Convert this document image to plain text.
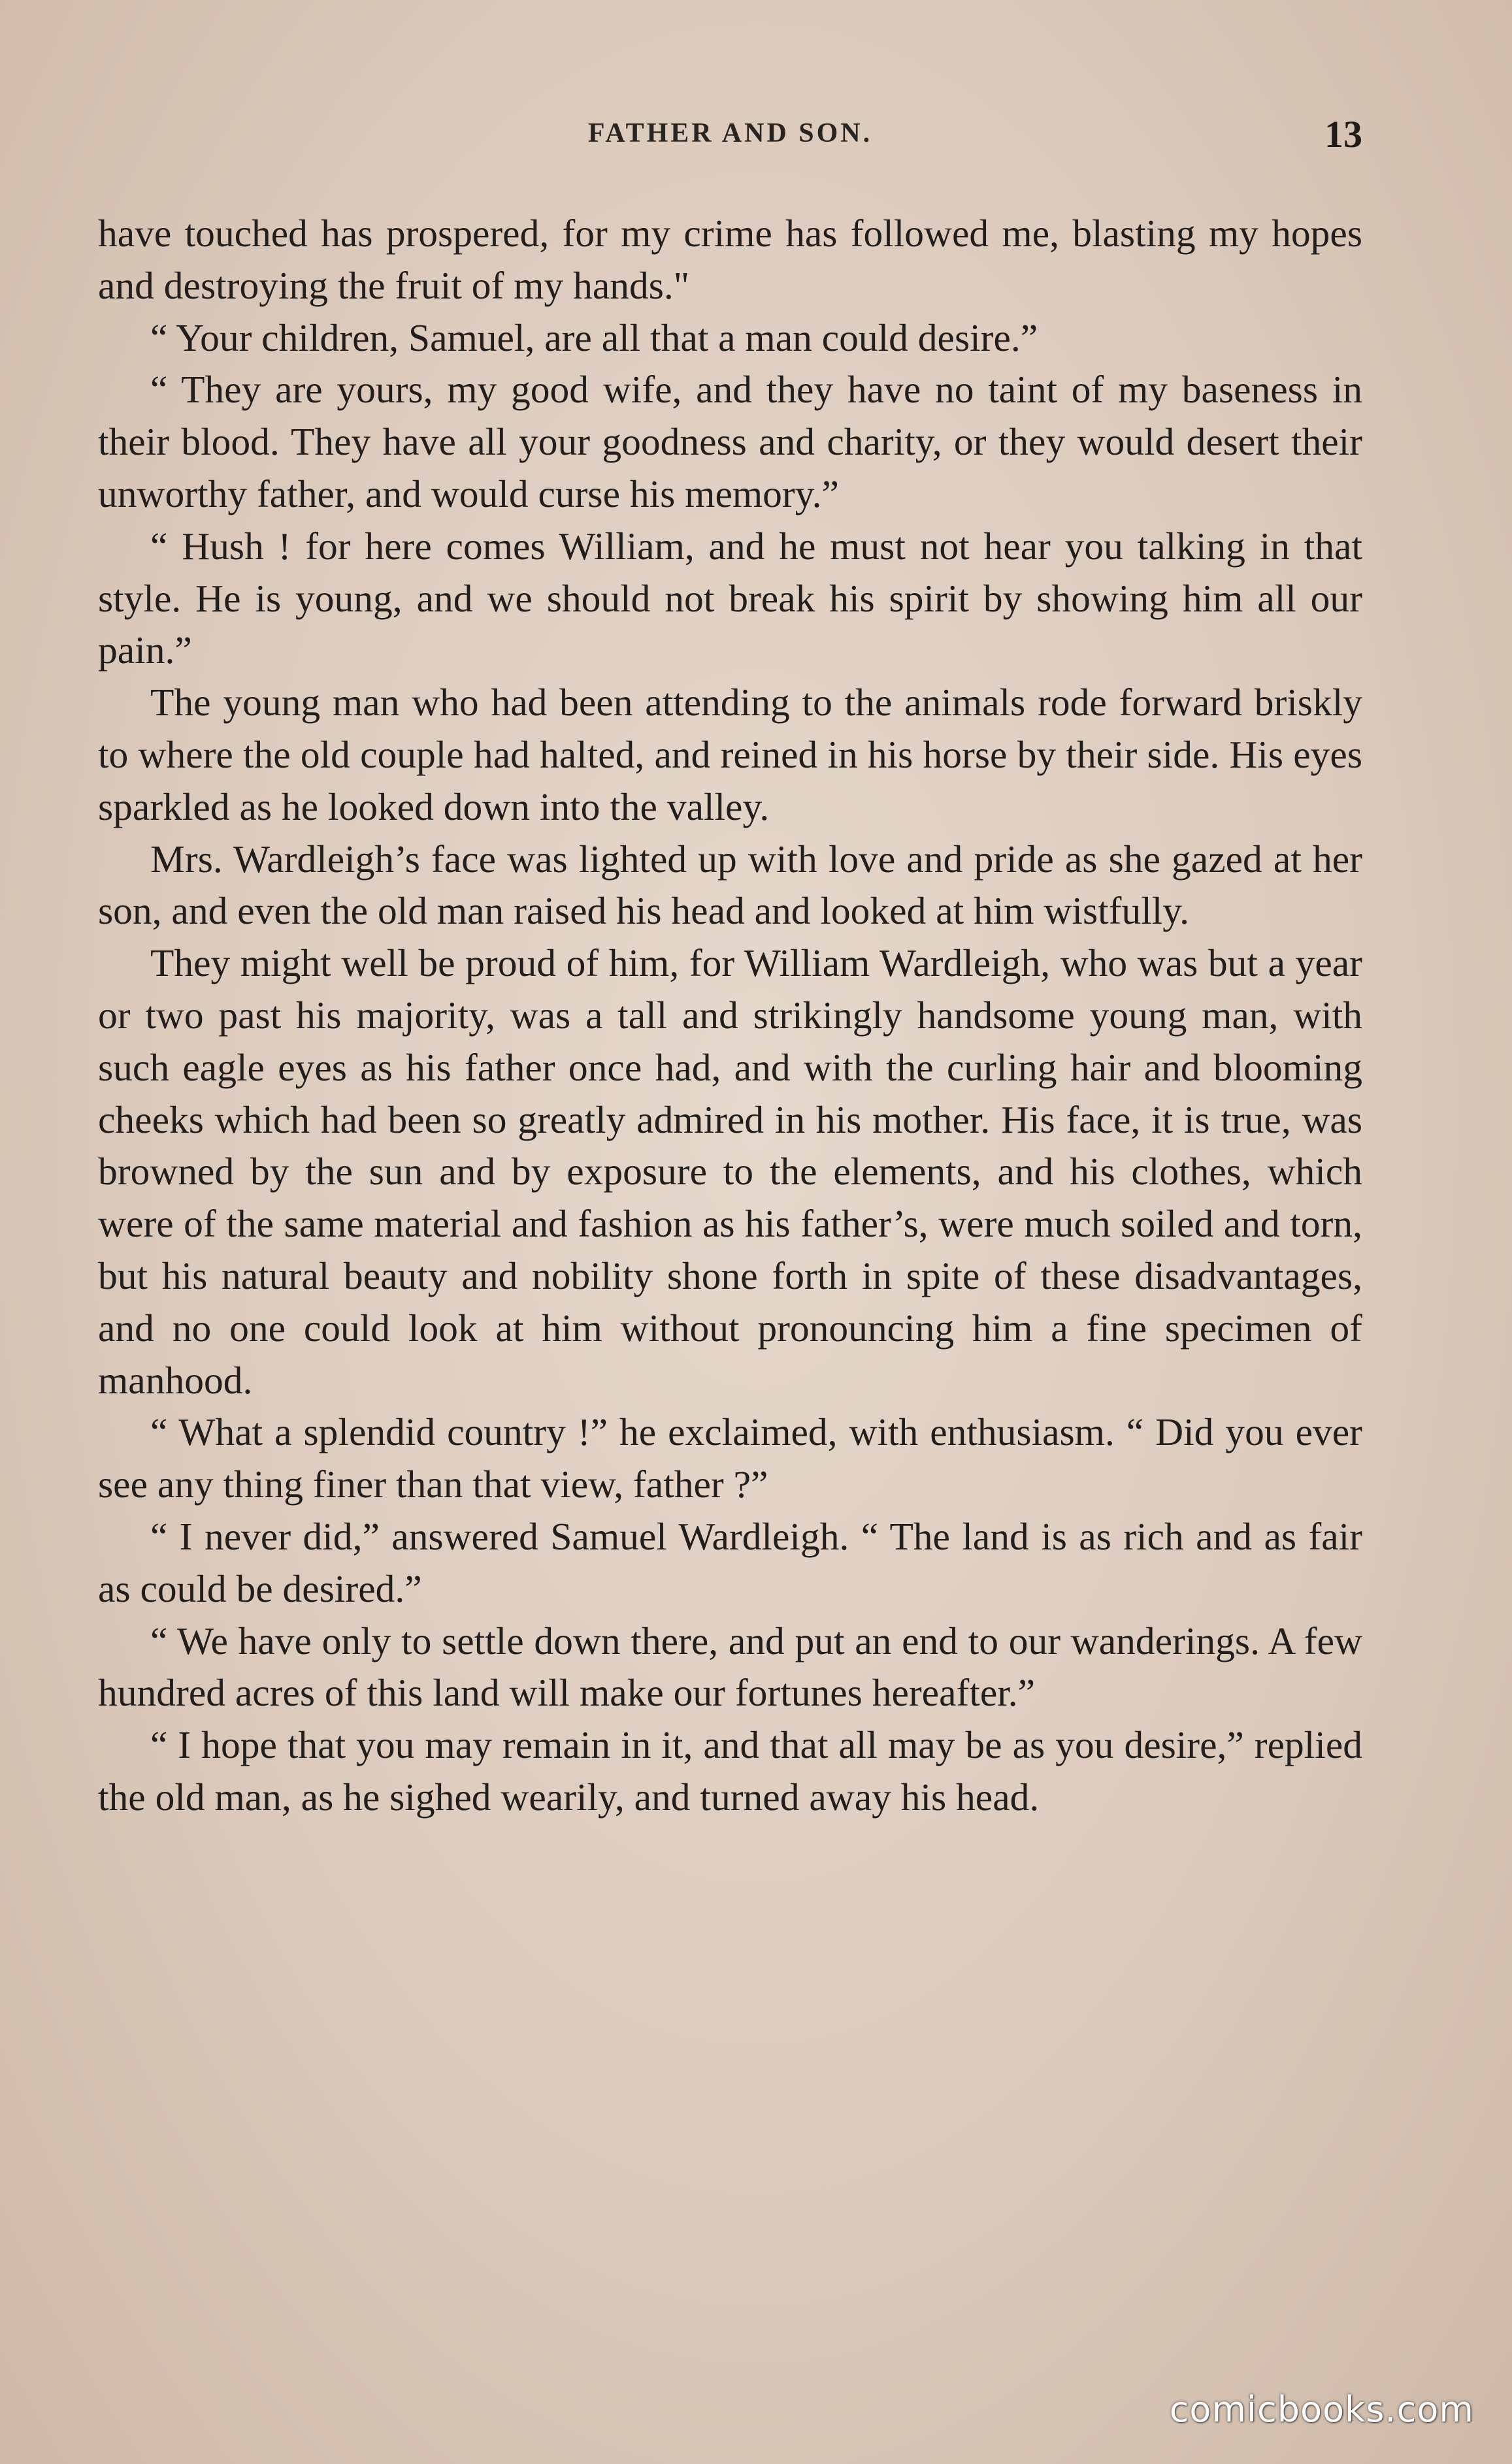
FATHER AND SON.	13

have touched has prospered, for my crime has followed me, blasting my hopes and destroying the fruit of my hands."

“ Your children, Samuel, are all that a man could desire.”

“ They are yours, my good wife, and they have no taint of my baseness in their blood. They have all your goodness and charity, or they would desert their unworthy father, and would curse his memory.”

“ Hush ! for here comes William, and he must not hear you talking in that style. He is young, and we should not break his spirit by showing him all our pain.”

The young man who had been attending to the animals rode forward briskly to where the old couple had halted, and reined in his horse by their side. His eyes sparkled as he looked down into the valley.

Mrs. Wardleigh’s face was lighted up with love and pride as she gazed at her son, and even the old man raised his head and looked at him wistfully.

They might well be proud of him, for William Wardleigh, who was but a year or two past his majority, was a tall and strikingly handsome young man, with such eagle eyes as his father once had, and with the curling hair and blooming cheeks which had been so greatly admired in his mother. His face, it is true, was browned by the sun and by exposure to the elements, and his clothes, which were of the same material and fashion as his father’s, were much soiled and torn, but his natural beauty and nobility shone forth in spite of these disadvantages, and no one could look at him without pronouncing him a fine specimen of manhood.

“ What a splendid country !” he exclaimed, with enthusiasm. “ Did you ever see any thing finer than that view, father ?”

“ I never did,” answered Samuel Wardleigh. “ The land is as rich and as fair as could be desired.”

“ We have only to settle down there, and put an end to our wanderings. A few hundred acres of this land will make our fortunes hereafter.”

“ I hope that you may remain in it, and that all may be as you desire,” replied the old man, as he sighed wearily, and turned away his head.

comicbooks.com
